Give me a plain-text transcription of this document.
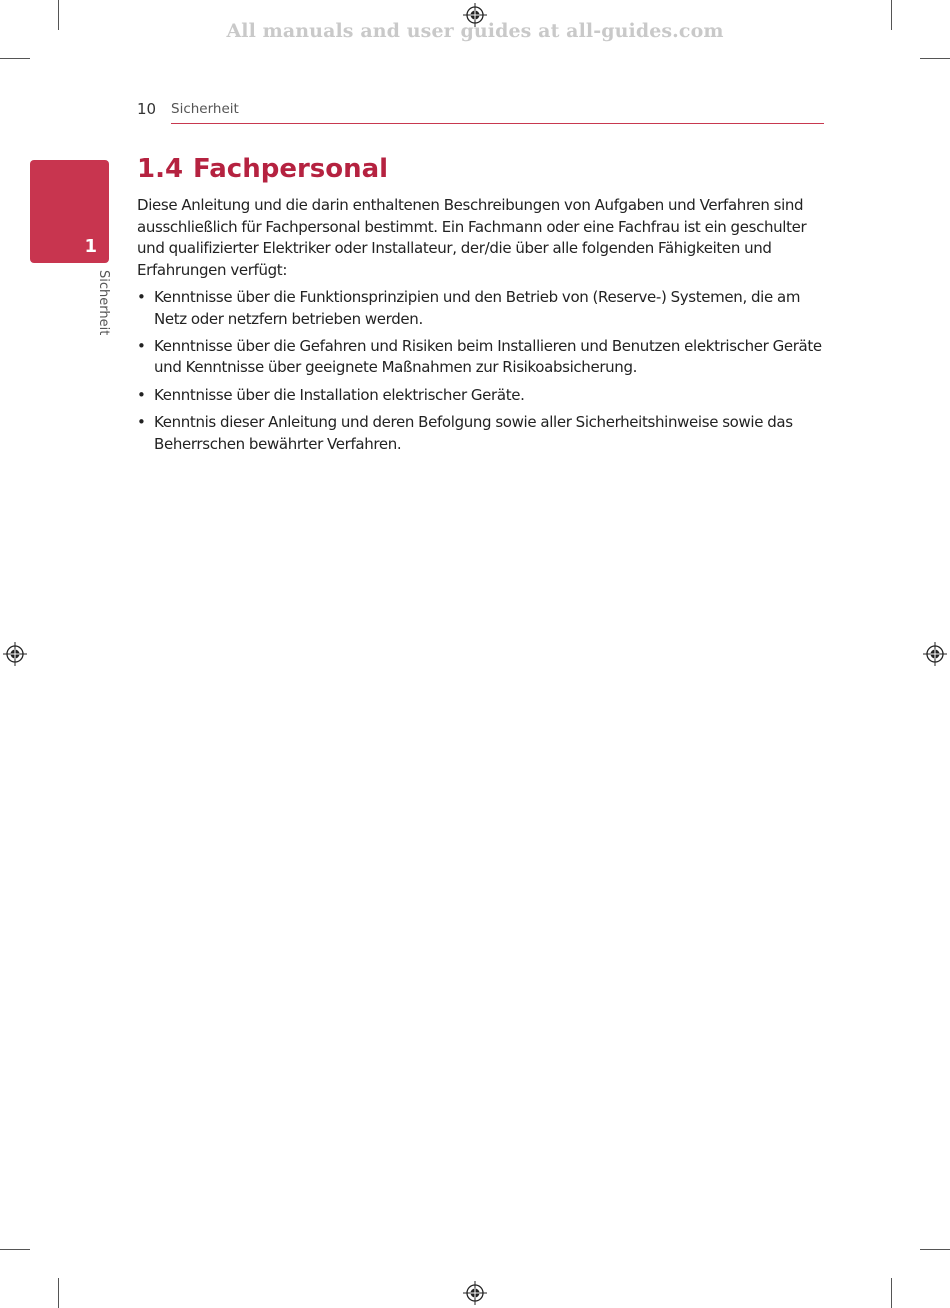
All manuals and user guides at all-guides.com
10 Sicherheit
1
Sicherheit
1.4 Fachpersonal

Diese Anleitung und die darin enthaltenen Beschreibungen von Aufgaben und Verfahren sind ausschließlich für Fachpersonal bestimmt. Ein Fachmann oder eine Fachfrau ist ein geschulter und qualifizierter Elektriker oder Installateur, der/die über alle folgenden Fähigkeiten und Erfahrungen verfügt:

• Kenntnisse über die Funktionsprinzipien und den Betrieb von (Reserve-) Systemen, die am Netz oder netzfern betrieben werden.
• Kenntnisse über die Gefahren und Risiken beim Installieren und Benutzen elektrischer Geräte und Kenntnisse über geeignete Maßnahmen zur Risikoabsicherung.
• Kenntnisse über die Installation elektrischer Geräte.
• Kenntnis dieser Anleitung und deren Befolgung sowie aller Sicherheitshinweise sowie das Beherrschen bewährter Verfahren.
